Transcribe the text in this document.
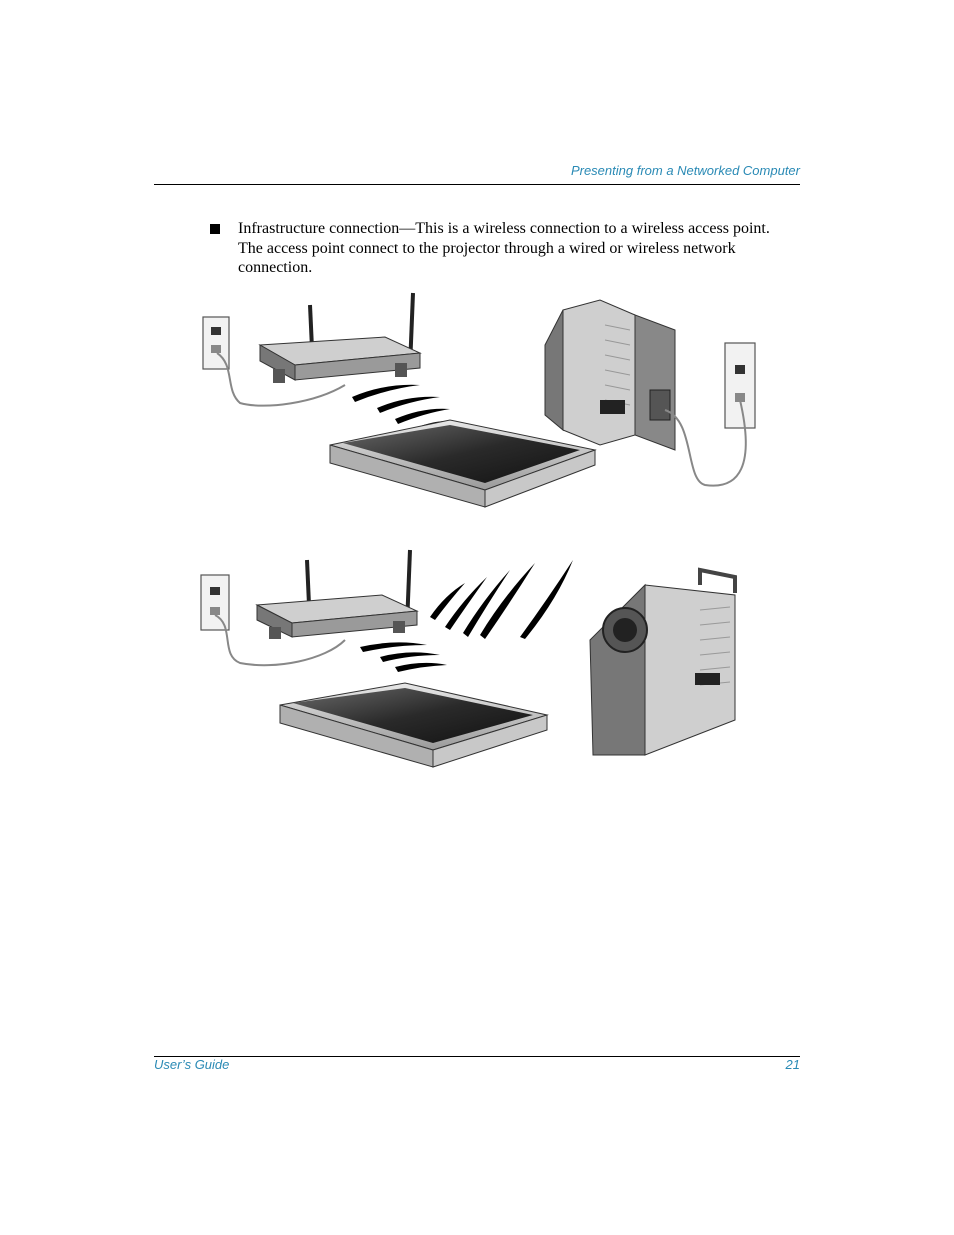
Presenting from a Networked Computer
Infrastructure connection—This is a wireless connection to a wireless access point. The access point connect to the projector through a wired or wireless network connection.
User’s Guide	21
